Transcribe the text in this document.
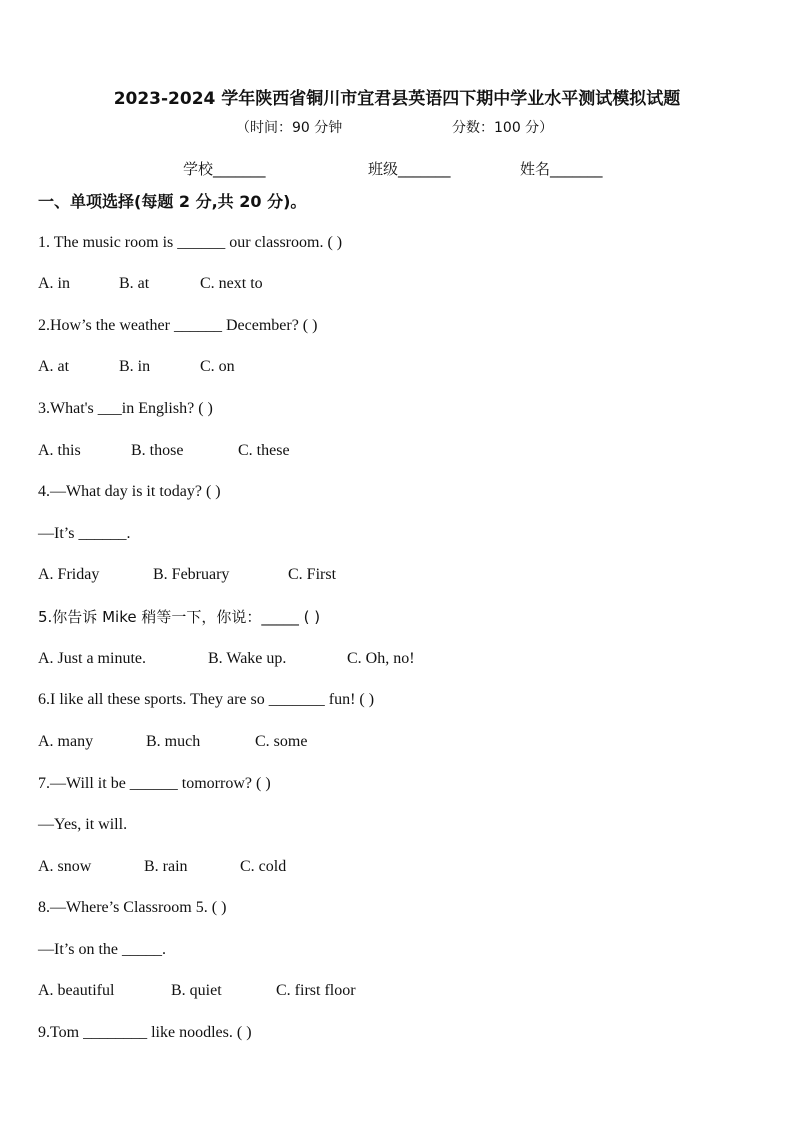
2023-2024 学年陕西省铜川市宜君县英语四下期中学业水平测试模拟试题
（时间：90 分钟	分数：100 分）
学校_______	班级_______	姓名_______
一、单项选择(每题 2 分,共 20 分)。
1. The music room is ______ our classroom. ( )
A. in	B. at	C. next to
2.How’s the weather ______ December? ( )
A. at	B. in	C. on
3.What's ___in English? ( )
A. this	B. those	C. these
4.—What day is it today? ( )
—It’s ______.
A. Friday	B. February	C. First
5.你告诉 Mike 稍等一下，你说：_____ ( )
A. Just a minute.	B. Wake up.	C. Oh, no!
6.I like all these sports. They are so _______ fun! ( )
A. many	B. much	C. some
7.—Will it be ______ tomorrow? ( )
—Yes, it will.
A. snow	B. rain	C. cold
8.—Where’s Classroom 5. ( )
—It’s on the _____.
A. beautiful	B. quiet	C. first floor
9.Tom ________ like noodles. ( )
